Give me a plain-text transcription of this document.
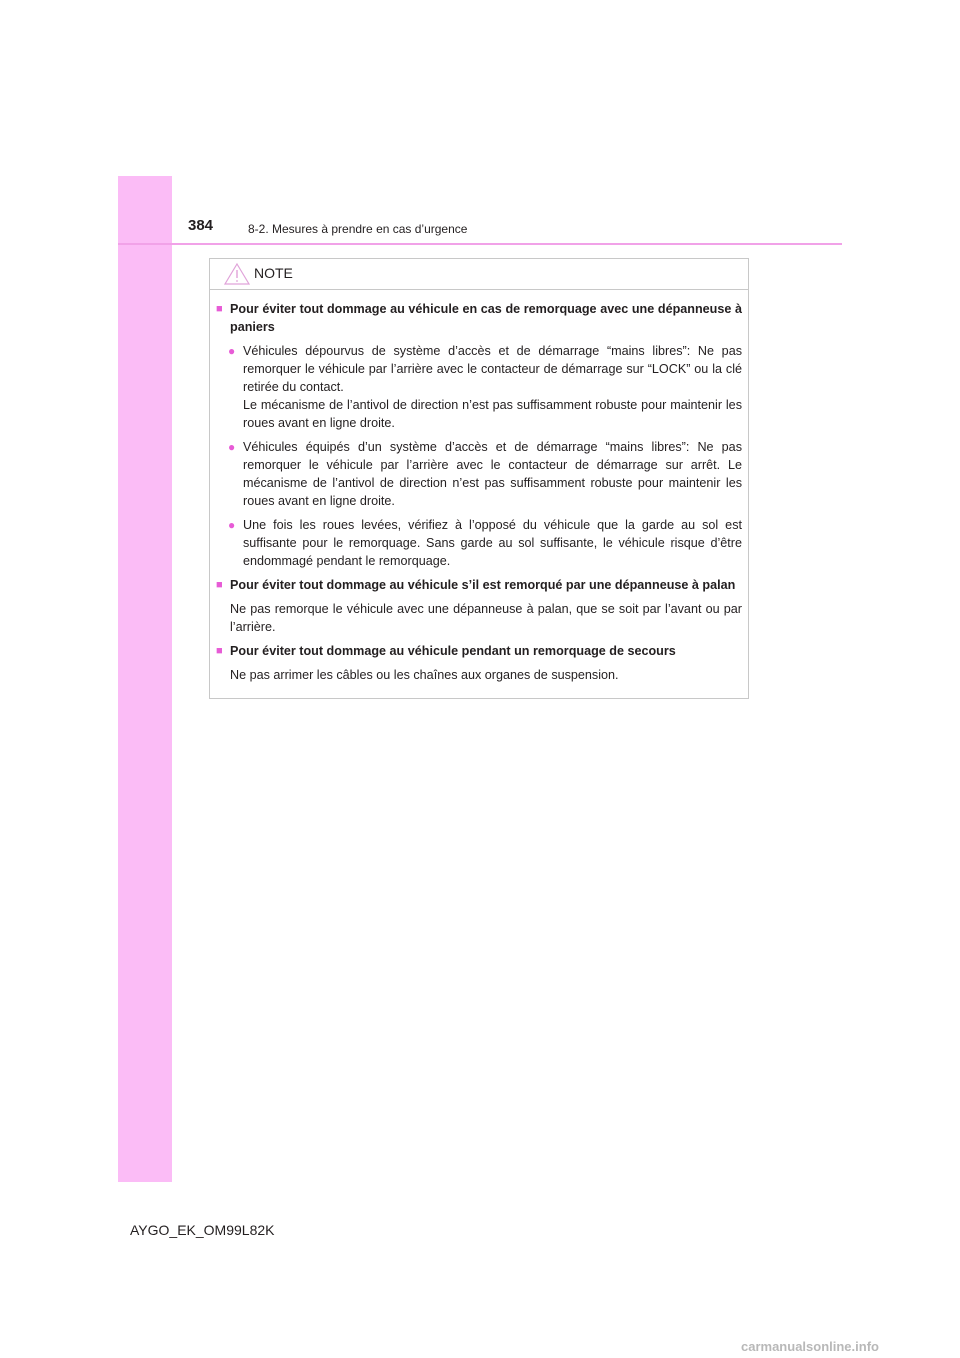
384	8-2. Mesures à prendre en cas d’urgence
NOTE
■ Pour éviter tout dommage au véhicule en cas de remorquage avec une dépanneuse à paniers
● Véhicules dépourvus de système d’accès et de démarrage “mains libres”: Ne pas remorquer le véhicule par l’arrière avec le contacteur de démarrage sur “LOCK” ou la clé retirée du contact.
Le mécanisme de l’antivol de direction n’est pas suffisamment robuste pour maintenir les roues avant en ligne droite.
● Véhicules équipés d’un système d’accès et de démarrage “mains libres”: Ne pas remorquer le véhicule par l’arrière avec le contacteur de démarrage sur arrêt. Le mécanisme de l’antivol de direction n’est pas suffisamment robuste pour maintenir les roues avant en ligne droite.
● Une fois les roues levées, vérifiez à l’opposé du véhicule que la garde au sol est suffisante pour le remorquage. Sans garde au sol suffisante, le véhicule risque d’être endommagé pendant le remorquage.
■ Pour éviter tout dommage au véhicule s’il est remorqué par une dépanneuse à palan
Ne pas remorque le véhicule avec une dépanneuse à palan, que se soit par l’avant ou par l’arrière.
■ Pour éviter tout dommage au véhicule pendant un remorquage de secours
Ne pas arrimer les câbles ou les chaînes aux organes de suspension.
AYGO_EK_OM99L82K
carmanualsonline.info
